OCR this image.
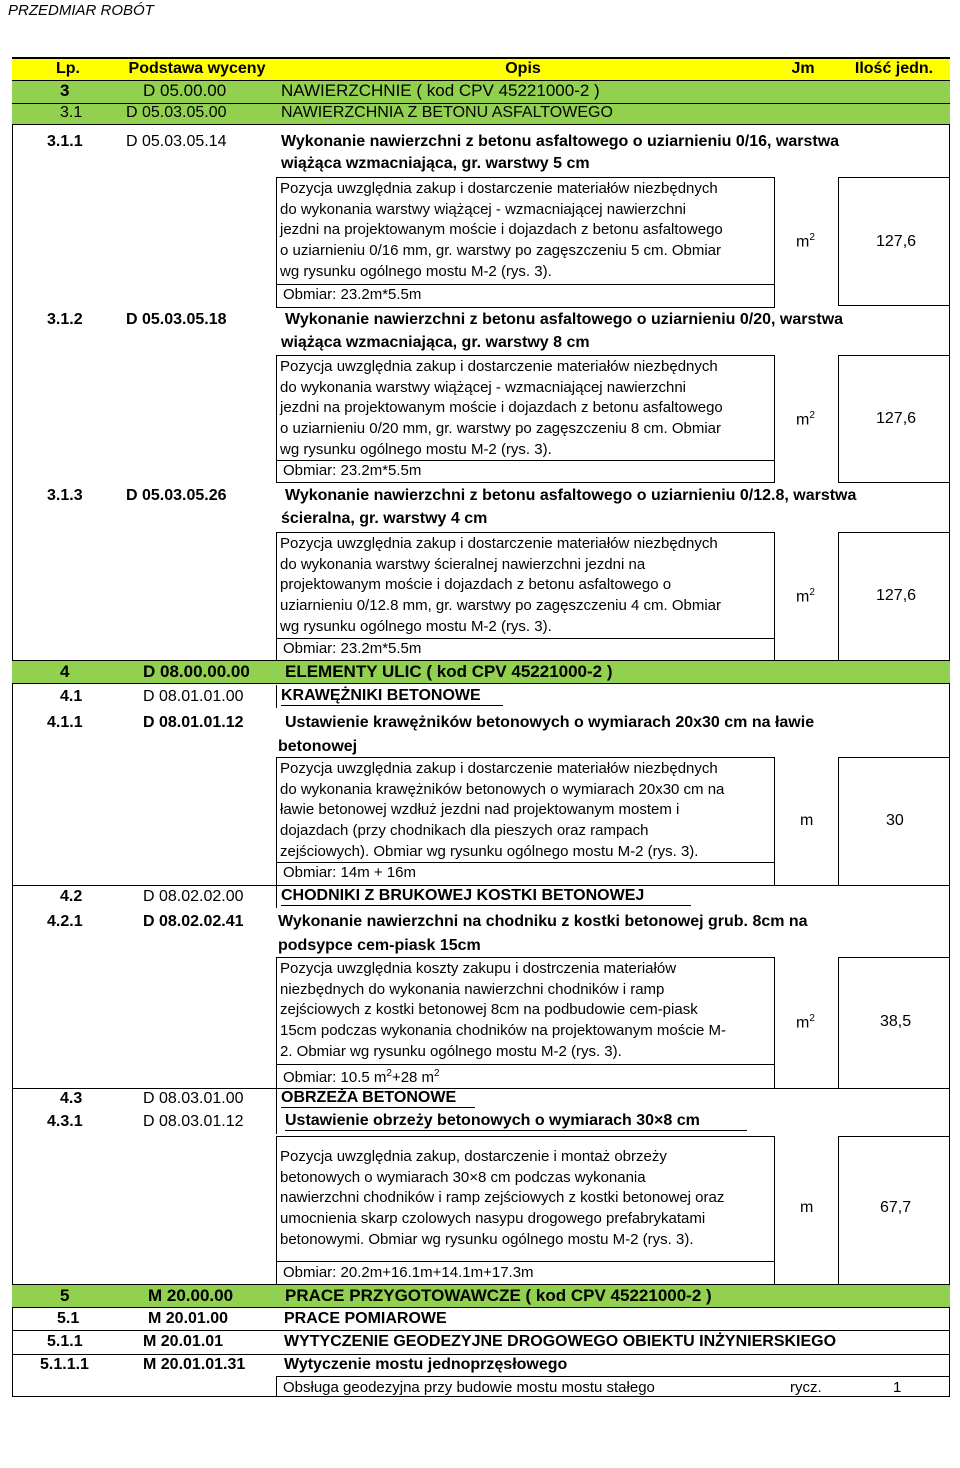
PRZEDMIAR ROBÓT
Lp.	Podstawa wyceny	Opis	Jm	Ilość jedn.
3	D 05.00.00	NAWIERZCHNIE ( kod CPV 45221000-2 )
3.1	D 05.03.05.00	NAWIERZCHNIA Z BETONU ASFALTOWEGO
3.1.1	D 05.03.05.14	Wykonanie nawierzchni z betonu asfaltowego o uziarnieniu 0/16, warstwa
wiążąca wzmacniająca, gr. warstwy 5 cm
Pozycja uwzględnia zakup i dostarczenie materiałów niezbędnych
do wykonania warstwy wiążącej - wzmacniającej nawierzchni
jezdni na projektowanym moście i dojazdach z betonu asfaltowego
o uziarnieniu 0/16 mm, gr. warstwy po zagęszczeniu 5 cm. Obmiar
wg rysunku ogólnego mostu M-2 (rys. 3).
Obmiar: 23.2m*5.5m
$m^2$	127,6
3.1.2	D 05.03.05.18	Wykonanie nawierzchni z betonu asfaltowego o uziarnieniu 0/20, warstwa
wiążąca wzmacniająca, gr. warstwy 8 cm
Pozycja uwzględnia zakup i dostarczenie materiałów niezbędnych
do wykonania warstwy wiążącej - wzmacniającej nawierzchni
jezdni na projektowanym moście i dojazdach z betonu asfaltowego
o uziarnieniu 0/20 mm, gr. warstwy po zagęszczeniu 8 cm. Obmiar
wg rysunku ogólnego mostu M-2 (rys. 3).
Obmiar: 23.2m*5.5m
$m^2$	127,6
3.1.3	D 05.03.05.26	Wykonanie nawierzchni z betonu asfaltowego o uziarnieniu 0/12.8, warstwa
ścieralna, gr. warstwy 4 cm
Pozycja uwzględnia zakup i dostarczenie materiałów niezbędnych
do wykonania warstwy ścieralnej nawierzchni jezdni na
projektowanym moście i dojazdach z betonu asfaltowego o
uziarnieniu 0/12.8 mm, gr. warstwy po zagęszczeniu 4 cm. Obmiar
wg rysunku ogólnego mostu M-2 (rys. 3).
Obmiar: 23.2m*5.5m
$m^2$	127,6
4	D 08.00.00.00 ELEMENTY ULIC ( kod CPV 45221000-2 )
4.1	D 08.01.01.00 KRAWĘŻNIKI BETONOWE
4.1.1	D 08.01.01.12	Ustawienie krawężników betonowych o wymiarach 20x30 cm na ławie
betonowej
Pozycja uwzględnia zakup i dostarczenie materiałów niezbędnych
do wykonania krawężników betonowych o wymiarach 20x30 cm na
ławie betonowej wzdłuż jezdni nad projektowanym mostem i
dojazdach (przy chodnikach dla pieszych oraz rampach
zejściowych). Obmiar wg rysunku ogólnego mostu M-2 (rys. 3).
Obmiar: 14m + 16m
m	30
4.2	D 08.02.02.00 CHODNIKI Z BRUKOWEJ KOSTKI BETONOWEJ
4.2.1	D 08.02.02.41 Wykonanie nawierzchni na chodniku z kostki betonowej grub. 8cm na
podsypce cem-piask 15cm
Pozycja uwzględnia koszty zakupu i dostrczenia materiałów
niezbędnych do wykonania nawierzchni chodników i ramp
zejściowych z kostki betonowej 8cm na podbudowie cem-piask
15cm podczas wykonania chodników na projektowanym moście M-
2. Obmiar wg rysunku ogólnego mostu M-2 (rys. 3).
Obmiar: 10.5 $m^2+28$ $m^2$
$m^2$	38,5
4.3	D 08.03.01.00 OBRZEŻA BETONOWE
4.3.1	D 08.03.01.12	Ustawienie obrzeży betonowych o wymiarach 30×8 cm
Pozycja uwzględnia zakup, dostarczenie i montaż obrzeży
betonowych o wymiarach 30×8 cm podczas wykonania
nawierzchni chodników i ramp zejściowych z kostki betonowej oraz
umocnienia skarp czolowych nasypu drogowego prefabrykatami
betonowymi. Obmiar wg rysunku ogólnego mostu M-2 (rys. 3).
Obmiar: 20.2m+16.1m+14.1m+17.3m
m	67,7
5	M 20.00.00	PRACE PRZYGOTOWAWCZE ( kod CPV 45221000-2 )
5.1	M 20.01.00	PRACE POMIAROWE
5.1.1	M 20.01.01	WYTYCZENIE GEODEZYJNE DROGOWEGO OBIEKTU INŻYNIERSKIEGO
5.1.1.1	M 20.01.01.31 Wytyczenie mostu jednoprzęsłowego
Obsługa geodezyjna przy budowie mostu mostu stałego	rycz.	1
